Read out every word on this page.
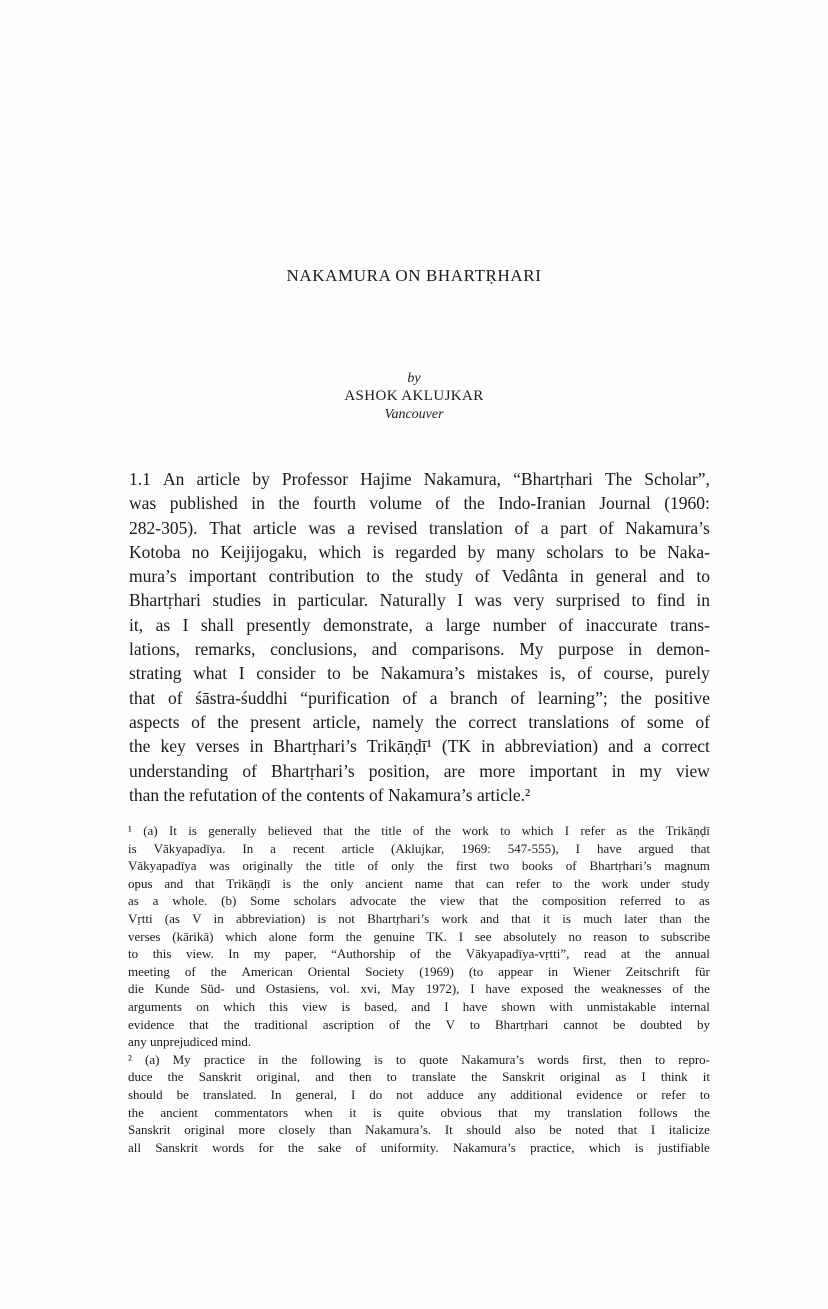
NAKAMURA ON BHARTṚHARI
by
ASHOK AKLUJKAR
Vancouver
1.1 An article by Professor Hajime Nakamura, “Bhartṛhari The Scholar”,
was published in the fourth volume of the Indo-Iranian Journal (1960:
282-305). That article was a revised translation of a part of Nakamura’s
Kotoba no Keijijogaku, which is regarded by many scholars to be Naka-
mura’s important contribution to the study of Vedânta in general and to
Bhartṛhari studies in particular. Naturally I was very surprised to find in
it, as I shall presently demonstrate, a large number of inaccurate trans-
lations, remarks, conclusions, and comparisons. My purpose in demon-
strating what I consider to be Nakamura’s mistakes is, of course, purely
that of śāstra-śuddhi “purification of a branch of learning”; the positive
aspects of the present article, namely the correct translations of some of
the key verses in Bhartṛhari’s Trikāṇḍī¹ (TK in abbreviation) and a correct
understanding of Bhartṛhari’s position, are more important in my view
than the refutation of the contents of Nakamura’s article.²
¹ (a) It is generally believed that the title of the work to which I refer as the Trikāṇḍī
is Vākyapadīya. In a recent article (Aklujkar, 1969: 547-555), I have argued that
Vākyapadīya was originally the title of only the first two books of Bhartṛhari’s magnum
opus and that Trikāṇḍī is the only ancient name that can refer to the work under study
as a whole. (b) Some scholars advocate the view that the composition referred to as
Vṛtti (as V in abbreviation) is not Bhartṛhari’s work and that it is much later than the
verses (kārikā) which alone form the genuine TK. I see absolutely no reason to subscribe
to this view. In my paper, “Authorship of the Vākyapadīya-vṛtti”, read at the annual
meeting of the American Oriental Society (1969) (to appear in Wiener Zeitschrift für
die Kunde Süd- und Ostasiens, vol. xvi, May 1972), I have exposed the weaknesses of the
arguments on which this view is based, and I have shown with unmistakable internal
evidence that the traditional ascription of the V to Bhartṛhari cannot be doubted by
any unprejudiced mind.
² (a) My practice in the following is to quote Nakamura’s words first, then to repro-
duce the Sanskrit original, and then to translate the Sanskrit original as I think it
should be translated. In general, I do not adduce any additional evidence or refer to
the ancient commentators when it is quite obvious that my translation follows the
Sanskrit original more closely than Nakamura’s. It should also be noted that I italicize
all Sanskrit words for the sake of uniformity. Nakamura’s practice, which is justifiable
